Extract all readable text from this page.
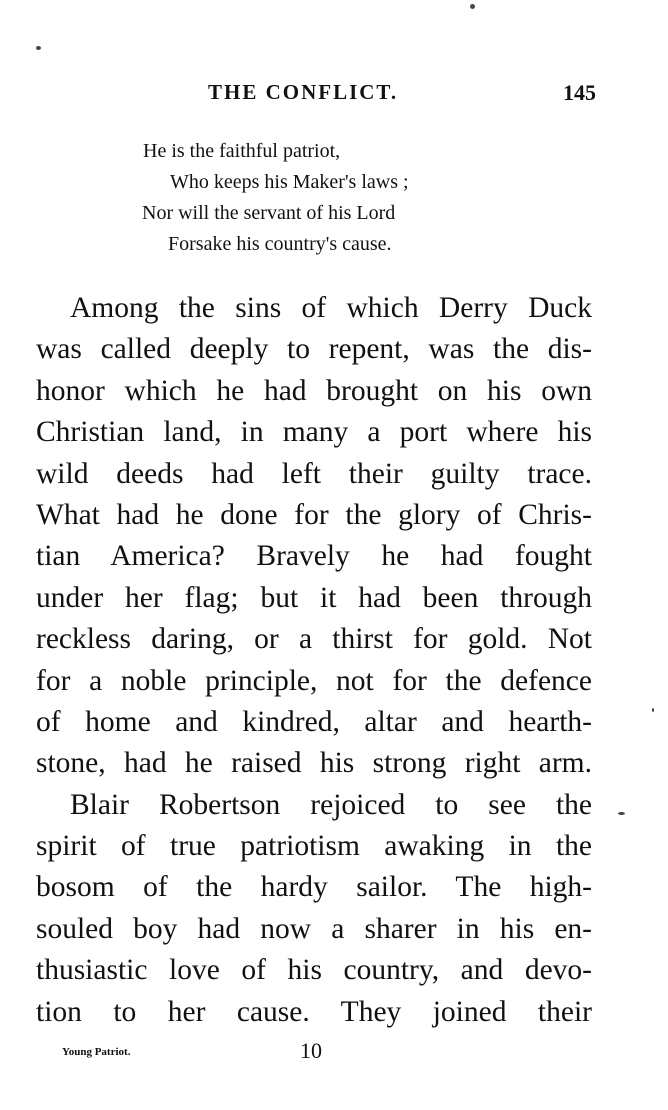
THE CONFLICT.	145
He is the faithful patriot,
Who keeps his Maker's laws ;
Nor will the servant of his Lord
Forsake his country's cause.
Among the sins of which Derry Duck
was called deeply to repent, was the dis-
honor which he had brought on his own
Christian land, in many a port where his
wild deeds had left their guilty trace.
What had he done for the glory of Chris-
tian America? Bravely he had fought
under her flag; but it had been through
reckless daring, or a thirst for gold. Not
for a noble principle, not for the defence
of home and kindred, altar and hearth-
stone, had he raised his strong right arm.
Blair Robertson rejoiced to see the
spirit of true patriotism awaking in the
bosom of the hardy sailor. The high-
souled boy had now a sharer in his en-
thusiastic love of his country, and devo-
tion to her cause. They joined their
Young Patriot.	10
